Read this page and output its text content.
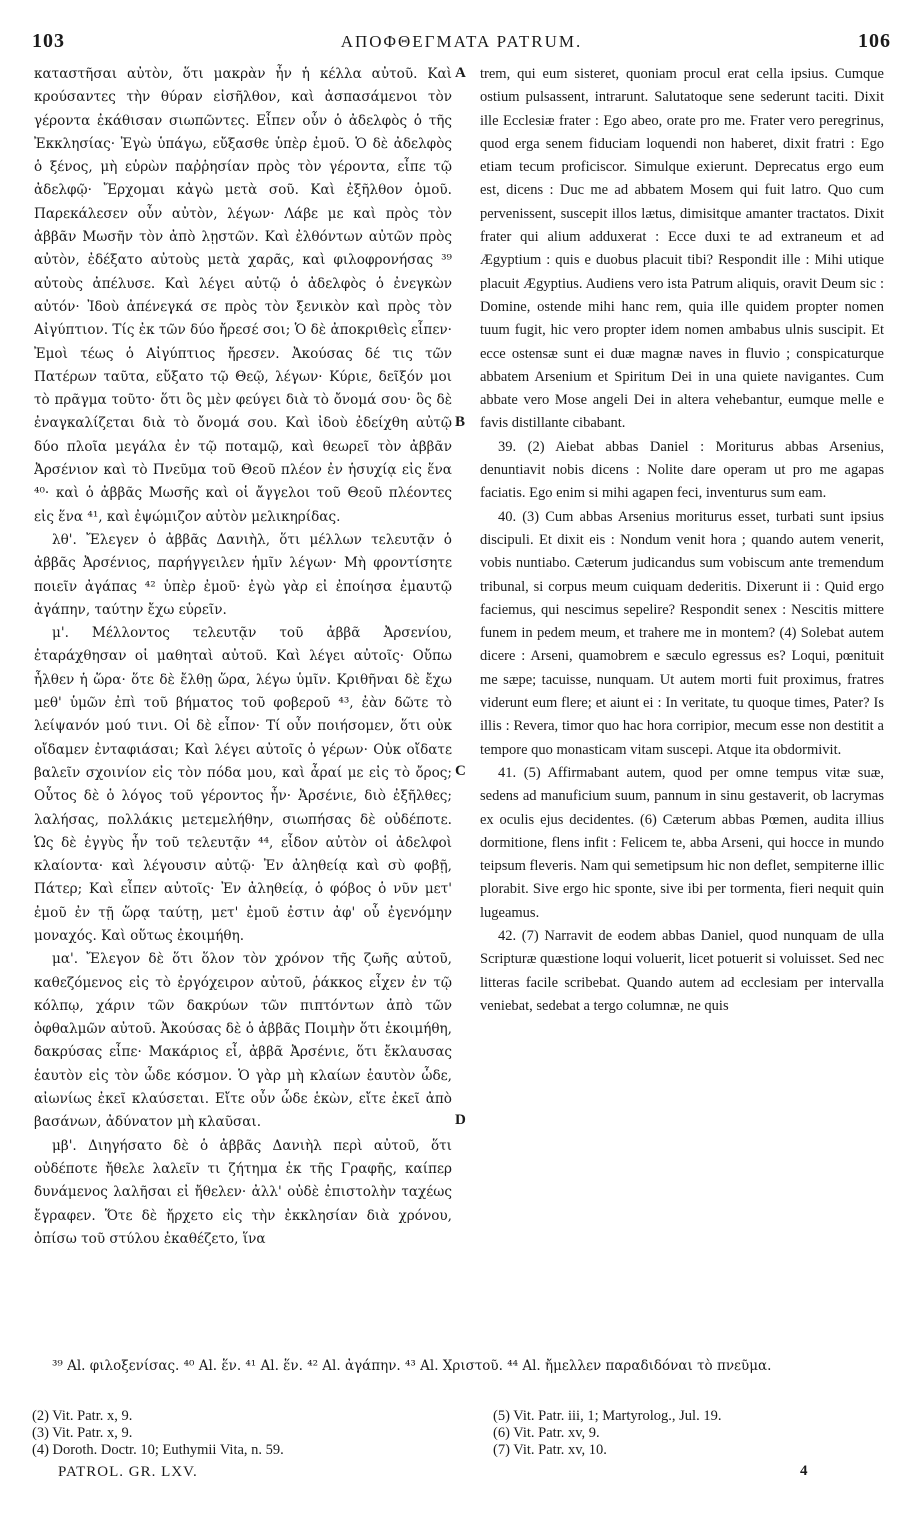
103	ΑΠΟΦΘΕΓΜΑΤΑ PATRUM.	106

καταστῆσαι αὐτὸν, ὅτι μακρὰν ἦν ἡ κέλλα αὐτοῦ. Καὶ κρούσαντες τὴν θύραν εἰσῆλθον, καὶ ἀσπασάμενοι τὸν γέροντα ἐκάθισαν σιωπῶντες. Εἶπεν οὖν ὁ ἀδελφὸς ὁ τῆς Ἐκκλησίας· Ἐγὼ ὑπάγω, εὔξασθε ὑπὲρ ἐμοῦ. Ὁ δὲ ἀδελφὸς ὁ ξένος, μὴ εὑρὼν παῤῥησίαν πρὸς τὸν γέροντα, εἶπε τῷ ἀδελφῷ· Ἔρχομαι κἀγὼ μετὰ σοῦ. Καὶ ἐξῆλθον ὁμοῦ. Παρεκάλεσεν οὖν αὐτὸν, λέγων· Λάβε με καὶ πρὸς τὸν ἀββᾶν Μωσῆν τὸν ἀπὸ λῃστῶν. Καὶ ἐλθόντων αὐτῶν πρὸς αὐτὸν, ἐδέξατο αὐτοὺς μετὰ χαρᾶς, καὶ φιλοφρονήσας ³⁹ αὐτοὺς ἀπέλυσε. Καὶ λέγει αὐτῷ ὁ ἀδελφὸς ὁ ἐνεγκὼν αὐτόν· Ἰδοὺ ἀπένεγκά σε πρὸς τὸν ξενικὸν καὶ πρὸς τὸν Αἰγύπτιον. Τίς ἐκ τῶν δύο ἤρεσέ σοι; Ὁ δὲ ἀποκριθεὶς εἶπεν· Ἐμοὶ τέως ὁ Αἰγύπτιος ἤρεσεν. Ἀκούσας δέ τις τῶν Πατέρων ταῦτα, εὔξατο τῷ Θεῷ, λέγων· Κύριε, δεῖξόν μοι τὸ πρᾶγμα τοῦτο· ὅτι ὃς μὲν φεύγει διὰ τὸ ὄνομά σου· ὃς δὲ ἐναγκαλίζεται διὰ τὸ ὄνομά σου. Καὶ ἰδοὺ ἐδείχθη αὐτῷ δύο πλοῖα μεγάλα ἐν τῷ ποταμῷ, καὶ θεωρεῖ τὸν ἀββᾶν Ἀρσένιον καὶ τὸ Πνεῦμα τοῦ Θεοῦ πλέον ἐν ἡσυχίᾳ εἰς ἕνα ⁴⁰· καὶ ὁ ἀββᾶς Μωσῆς καὶ οἱ ἄγγελοι τοῦ Θεοῦ πλέοντες εἰς ἕνα ⁴¹, καὶ ἐψώμιζον αὐτὸν μελικηρίδας.

λθ'. Ἔλεγεν ὁ ἀββᾶς Δανιὴλ, ὅτι μέλλων τελευτᾷν ὁ ἀββᾶς Ἀρσένιος, παρήγγειλεν ἡμῖν λέγων· Μὴ φροντίσητε ποιεῖν ἀγάπας ⁴² ὑπὲρ ἐμοῦ· ἐγὼ γὰρ εἰ ἐποίησα ἐμαυτῷ ἀγάπην, ταύτην ἔχω εὑρεῖν.

μ'. Μέλλοντος τελευτᾷν τοῦ ἀββᾶ Ἀρσενίου, ἐταράχθησαν οἱ μαθηταὶ αὐτοῦ. Καὶ λέγει αὐτοῖς· Οὔπω ἦλθεν ἡ ὥρα· ὅτε δὲ ἔλθῃ ὥρα, λέγω ὑμῖν. Κριθῆναι δὲ ἔχω μεθ' ὑμῶν ἐπὶ τοῦ βήματος τοῦ φοβεροῦ ⁴³, ἐὰν δῶτε τὸ λείψανόν μού τινι. Οἱ δὲ εἶπον· Τί οὖν ποιήσομεν, ὅτι οὐκ οἴδαμεν ἐνταφιάσαι; Καὶ λέγει αὐτοῖς ὁ γέρων· Οὐκ οἴδατε βαλεῖν σχοινίον εἰς τὸν πόδα μου, καὶ ἆραί με εἰς τὸ ὄρος; Οὗτος δὲ ὁ λόγος τοῦ γέροντος ἦν· Ἀρσένιε, διὸ ἐξῆλθες; λαλήσας, πολλάκις μετεμελήθην, σιωπήσας δὲ οὐδέποτε. Ὡς δὲ ἐγγὺς ἦν τοῦ τελευτᾷν ⁴⁴, εἶδον αὐτὸν οἱ ἀδελφοὶ κλαίοντα· καὶ λέγουσιν αὐτῷ· Ἐν ἀληθείᾳ καὶ σὺ φοβῇ, Πάτερ; Καὶ εἶπεν αὐτοῖς· Ἐν ἀληθείᾳ, ὁ φόβος ὁ νῦν μετ' ἐμοῦ ἐν τῇ ὥρᾳ ταύτῃ, μετ' ἐμοῦ ἐστιν ἀφ' οὗ ἐγενόμην μοναχός. Καὶ οὕτως ἐκοιμήθη.

μα'. Ἔλεγον δὲ ὅτι ὅλον τὸν χρόνον τῆς ζωῆς αὐτοῦ, καθεζόμενος εἰς τὸ ἐργόχειρον αὐτοῦ, ῥάκκος εἶχεν ἐν τῷ κόλπῳ, χάριν τῶν δακρύων τῶν πιπτόντων ἀπὸ τῶν ὀφθαλμῶν αὐτοῦ. Ἀκούσας δὲ ὁ ἀββᾶς Ποιμὴν ὅτι ἐκοιμήθη, δακρύσας εἶπε· Μακάριος εἶ, ἀββᾶ Ἀρσένιε, ὅτι ἔκλαυσας ἑαυτὸν εἰς τὸν ὧδε κόσμον. Ὁ γὰρ μὴ κλαίων ἑαυτὸν ὧδε, αἰωνίως ἐκεῖ κλαύσεται. Εἴτε οὖν ὧδε ἑκὼν, εἴτε ἐκεῖ ἀπὸ βασάνων, ἀδύνατον μὴ κλαῦσαι.

μβ'. Διηγήσατο δὲ ὁ ἀββᾶς Δανιὴλ περὶ αὐτοῦ, ὅτι οὐδέποτε ἤθελε λαλεῖν τι ζήτημα ἐκ τῆς Γραφῆς, καίπερ δυνάμενος λαλῆσαι εἰ ἤθελεν· ἀλλ' οὐδὲ ἐπιστολὴν ταχέως ἔγραφεν. Ὅτε δὲ ἤρχετο εἰς τὴν ἐκκλησίαν διὰ χρόνου, ὀπίσω τοῦ στύλου ἐκαθέζετο, ἵνα

A
B
C
D

trem, qui eum sisteret, quoniam procul erat cella ipsius. Cumque ostium pulsassent, intrarunt. Salutatoque sene sederunt taciti. Dixit ille Ecclesiæ frater : Ego abeo, orate pro me. Frater vero peregrinus, quod erga senem fiduciam loquendi non haberet, dixit fratri : Ego etiam tecum proficiscor. Simulque exierunt. Deprecatus ergo eum est, dicens : Duc me ad abbatem Mosem qui fuit latro. Quo cum pervenissent, suscepit illos lætus, dimisitque amanter tractatos. Dixit frater qui alium adduxerat : Ecce duxi te ad extraneum et ad Ægyptium : quis e duobus placuit tibi? Respondit ille : Mihi utique placuit Ægyptius. Audiens vero ista Patrum aliquis, oravit Deum sic : Domine, ostende mihi hanc rem, quia ille quidem propter nomen tuum fugit, hic vero propter idem nomen ambabus ulnis suscipit. Et ecce ostensæ sunt ei duæ magnæ naves in fluvio ; conspicaturque abbatem Arsenium et Spiritum Dei in una quiete navigantes. Cum abbate vero Mose angeli Dei in altera vehebantur, eumque melle e favis distillante cibabant.

39. (2) Aiebat abbas Daniel : Moriturus abbas Arsenius, denuntiavit nobis dicens : Nolite dare operam ut pro me agapas faciatis. Ego enim si mihi agapen feci, inventurus sum eam.

40. (3) Cum abbas Arsenius moriturus esset, turbati sunt ipsius discipuli. Et dixit eis : Nondum venit hora ; quando autem venerit, vobis nuntiabo. Cæterum judicandus sum vobiscum ante tremendum tribunal, si corpus meum cuiquam dederitis. Dixerunt ii : Quid ergo faciemus, qui nescimus sepelire? Respondit senex : Nescitis mittere funem in pedem meum, et trahere me in montem? (4) Solebat autem dicere : Arseni, quamobrem e sæculo egressus es? Loqui, pœnituit me sæpe; tacuisse, nunquam. Ut autem morti fuit proximus, fratres viderunt eum flere; et aiunt ei : In veritate, tu quoque times, Pater? Is illis : Revera, timor quo hac hora corripior, mecum esse non destitit a tempore quo monasticam vitam suscepi. Atque ita obdormivit.

41. (5) Affirmabant autem, quod per omne tempus vitæ suæ, sedens ad manuficium suum, pannum in sinu gestaverit, ob lacrymas ex oculis ejus decidentes. (6) Cæterum abbas Pœmen, audita illius dormitione, flens infit : Felicem te, abba Arseni, qui hocce in mundo teipsum fleveris. Nam qui semetipsum hic non deflet, sempiterne illic plorabit. Sive ergo hic sponte, sive ibi per tormenta, fieri nequit quin lugeamus.

42. (7) Narravit de eodem abbas Daniel, quod nunquam de ulla Scripturæ quæstione loqui voluerit, licet potuerit si voluisset. Sed nec litteras facile scribebat. Quando autem ad ecclesiam per intervalla veniebat, sedebat a tergo columnæ, ne quis

³⁹ Al. φιλοξενίσας. ⁴⁰ Al. ἕν. ⁴¹ Al. ἕν. ⁴² Al. ἀγάπην. ⁴³ Al. Χριστοῦ. ⁴⁴ Al. ἤμελλεν παραδιδόναι τὸ πνεῦμα.

(2) Vit. Patr. x, 9.
(3) Vit. Patr. x, 9.
(4) Doroth. Doctr. 10; Euthymii Vita, n. 59.
(5) Vit. Patr. iii, 1; Martyrolog., Jul. 19.
(6) Vit. Patr. xv, 9.
(7) Vit. Patr. xv, 10.
PATROL. GR. LXV.	4
